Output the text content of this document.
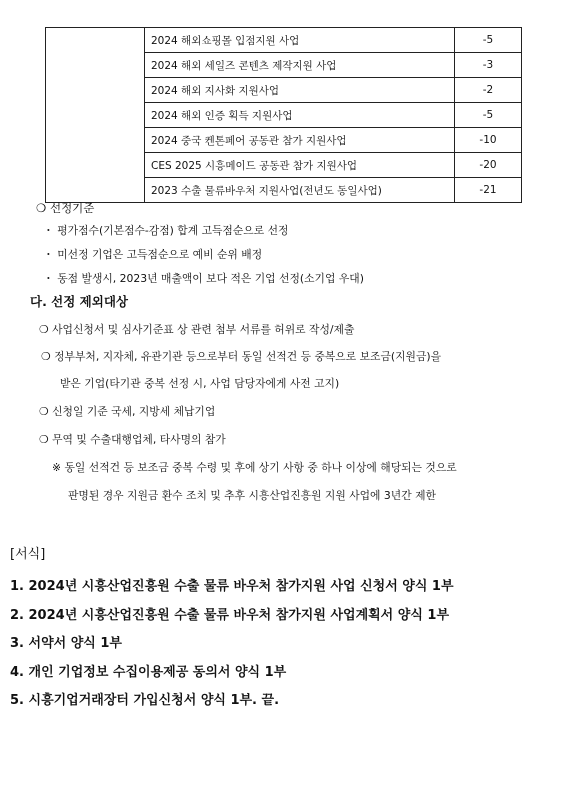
	2024 해외쇼핑몰 입점지원 사업	-5
	2024 해외 세일즈 콘텐츠 제작지원 사업	-3
	2024 해외 지사화 지원사업	-2
	2024 해외 인증 획득 지원사업	-5
	2024 중국 켄톤페어 공동관 참가 지원사업	-10
	CES 2025 시흥메이드 공동관 참가 지원사업	-20
	2023 수출 물류바우처 지원사업(전년도 동일사업)	-21
❍ 선정기준
・ 평가점수(기본점수-감점) 합계 고득점순으로 선정
・ 미선정 기업은 고득점순으로 예비 순위 배정
・ 동점 발생시, 2023년 매출액이 보다 적은 기업 선정(소기업 우대)
다. 선정 제외대상
❍ 사업신청서 및 심사기준표 상 관련 첨부 서류를 허위로 작성/제출
❍ 정부부처, 지자체, 유관기관 등으로부터 동일 선적건 등 중복으로 보조금(지원금)을
받은 기업(타기관 중복 선정 시, 사업 담당자에게 사전 고지)
❍ 신청일 기준 국세, 지방세 체납기업
❍ 무역 및 수출대행업체, 타사명의 참가
※ 동일 선적건 등 보조금 중복 수령 및 후에 상기 사항 중 하나 이상에 해당되는 것으로
판명된 경우 지원금 환수 조치 및 추후 시흥산업진흥원 지원 사업에 3년간 제한
[서식]
1. 2024년 시흥산업진흥원 수출 물류 바우처 참가지원 사업 신청서 양식 1부
2. 2024년 시흥산업진흥원 수출 물류 바우처 참가지원 사업계획서 양식 1부
3. 서약서 양식 1부
4. 개인 기업정보 수집이용제공 동의서 양식 1부
5. 시흥기업거래장터 가입신청서 양식 1부. 끝.
